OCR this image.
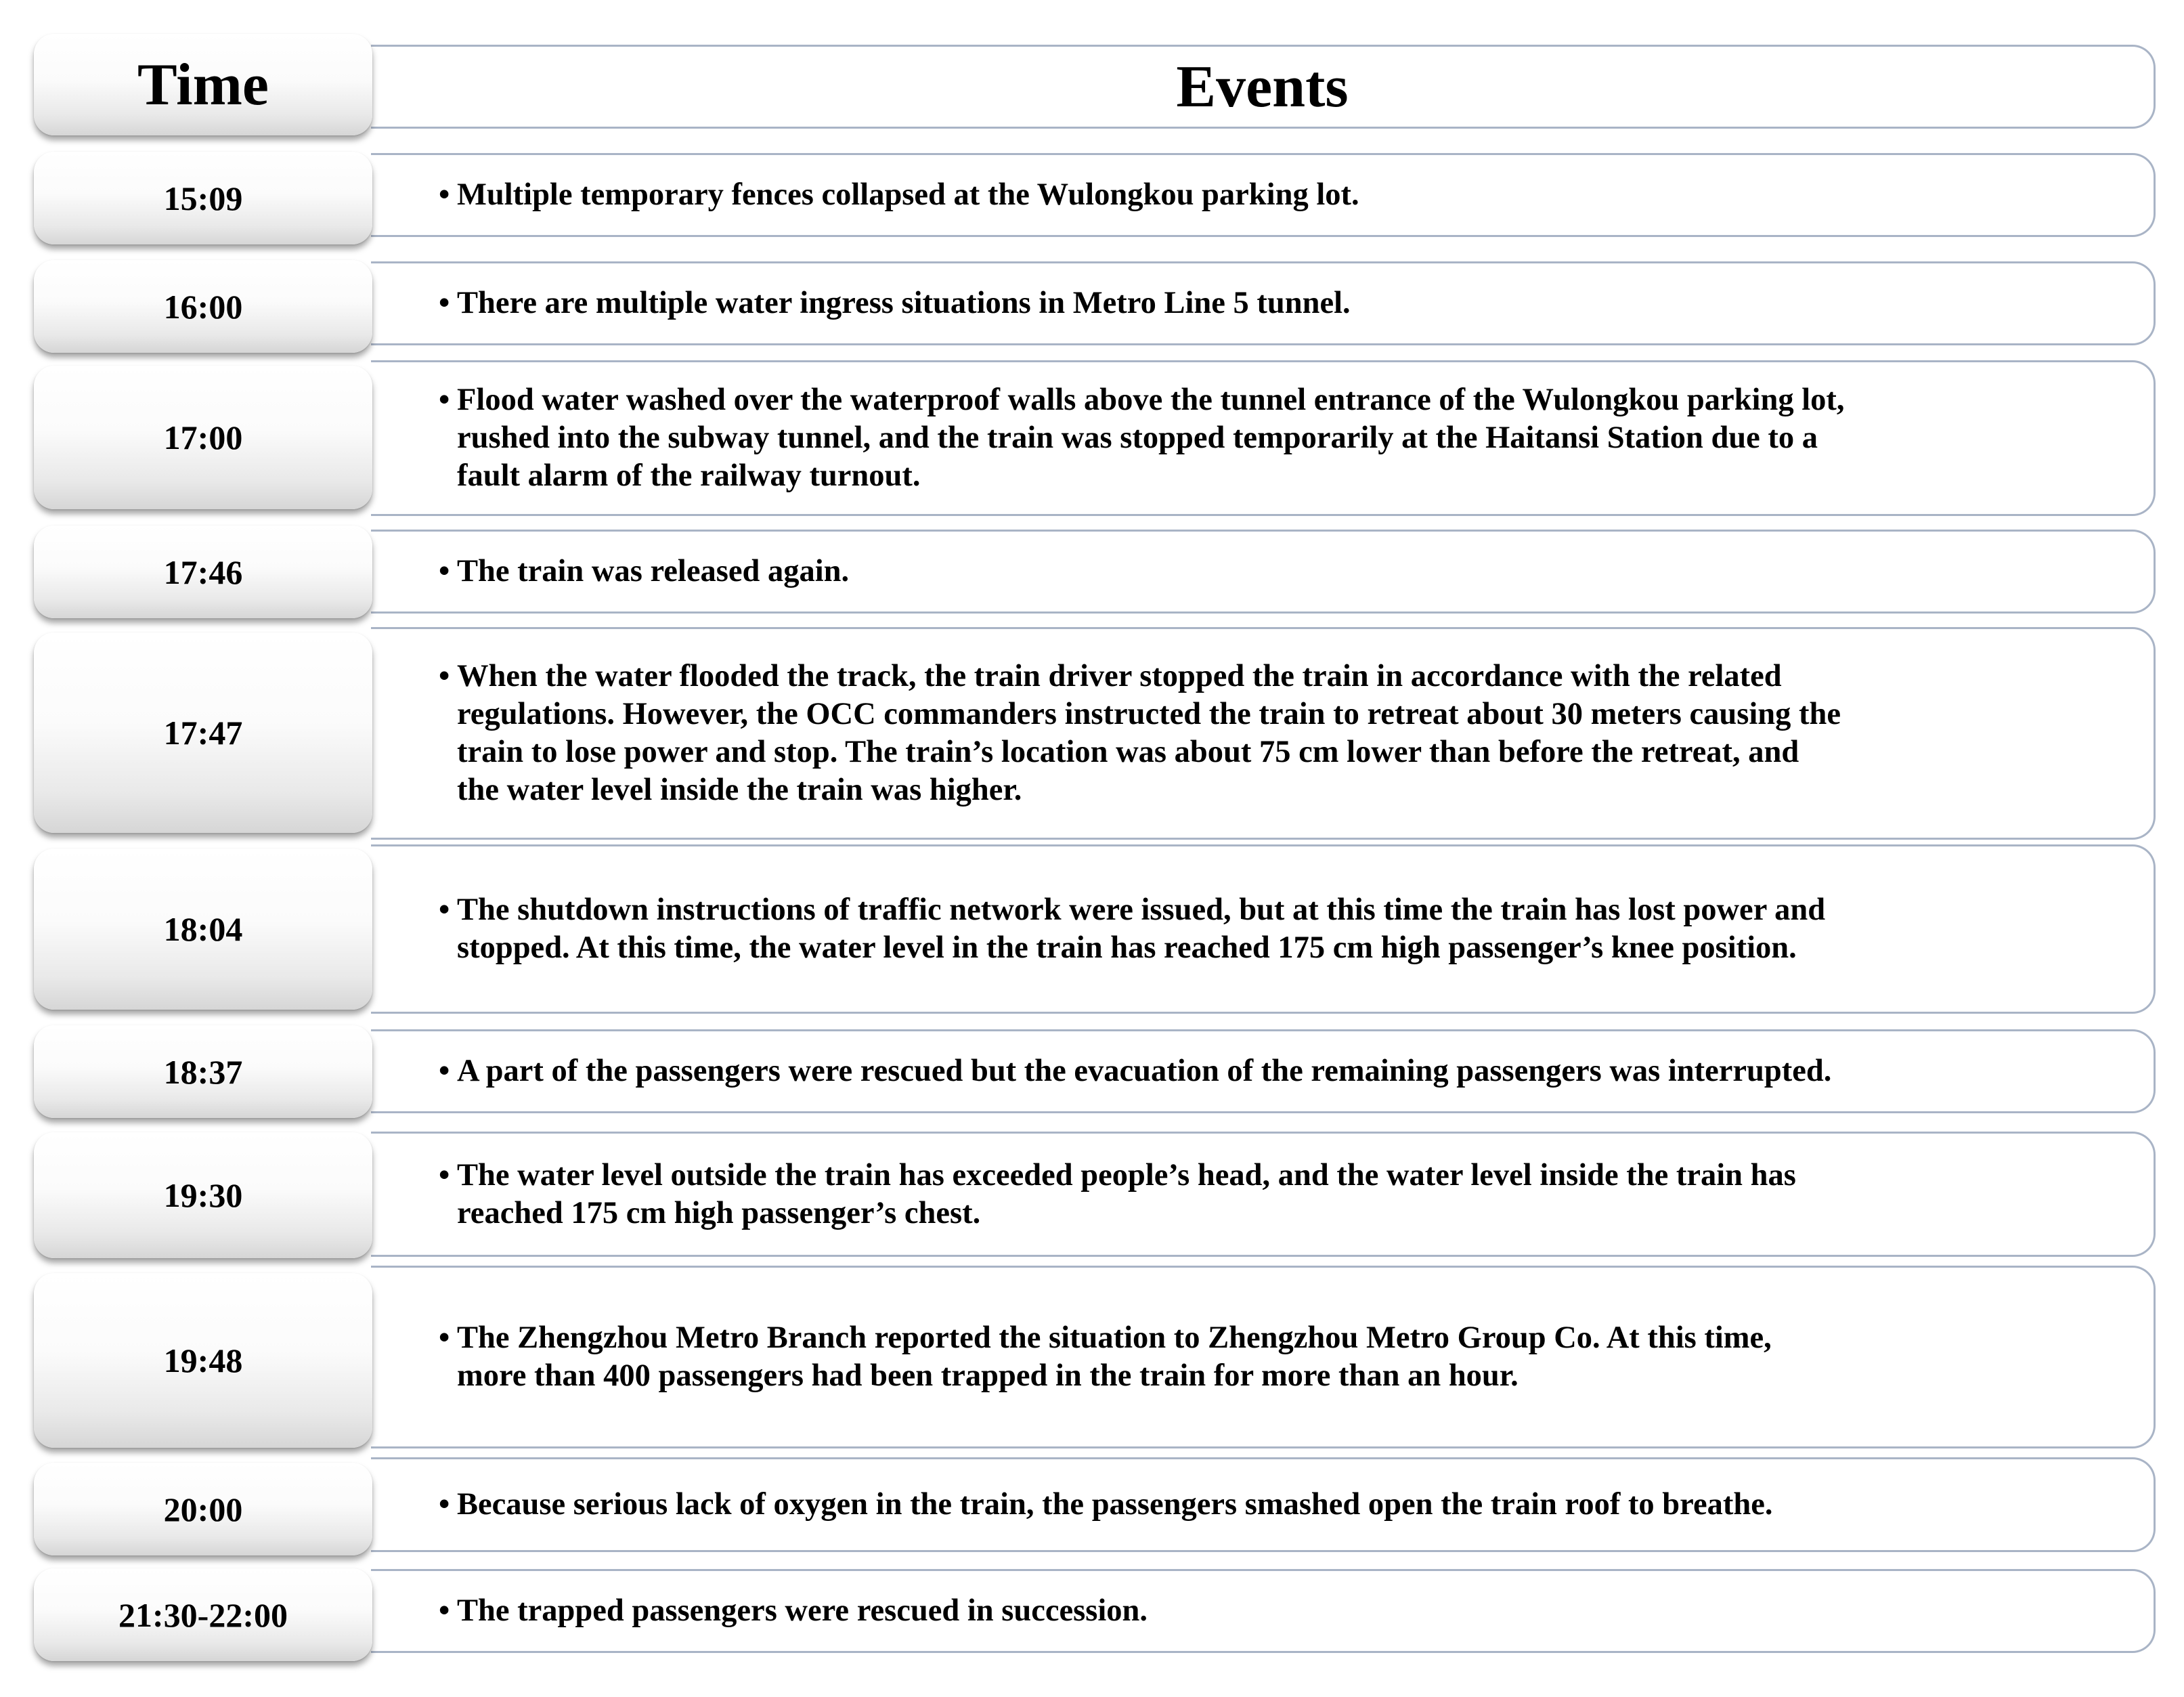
Time	Events
15:09	• Multiple temporary fences collapsed at the Wulongkou parking lot.
16:00	• There are multiple water ingress situations in Metro Line 5 tunnel.
17:00
• Flood water washed over the waterproof walls above the tunnel entrance of the Wulongkou parking lot,
rushed into the subway tunnel, and the train was stopped temporarily at the Haitansi Station due to a
fault alarm of the railway turnout.
17:46	• The train was released again.
17:47
• When the water flooded the track, the train driver stopped the train in accordance with the related
regulations. However, the OCC commanders instructed the train to retreat about 30 meters causing the
train to lose power and stop. The train’s location was about 75 cm lower than before the retreat, and
the water level inside the train was higher.
18:04
• The shutdown instructions of traffic network were issued, but at this time the train has lost power and
stopped. At this time, the water level in the train has reached 175 cm high passenger’s knee position.
18:37	• A part of the passengers were rescued but the evacuation of the remaining passengers was interrupted.
19:30
• The water level outside the train has exceeded people’s head, and the water level inside the train has
reached 175 cm high passenger’s chest.
19:48
• The Zhengzhou Metro Branch reported the situation to Zhengzhou Metro Group Co. At this time,
more than 400 passengers had been trapped in the train for more than an hour.
20:00	• Because serious lack of oxygen in the train, the passengers smashed open the train roof to breathe.
21:30-22:00	• The trapped passengers were rescued in succession.
